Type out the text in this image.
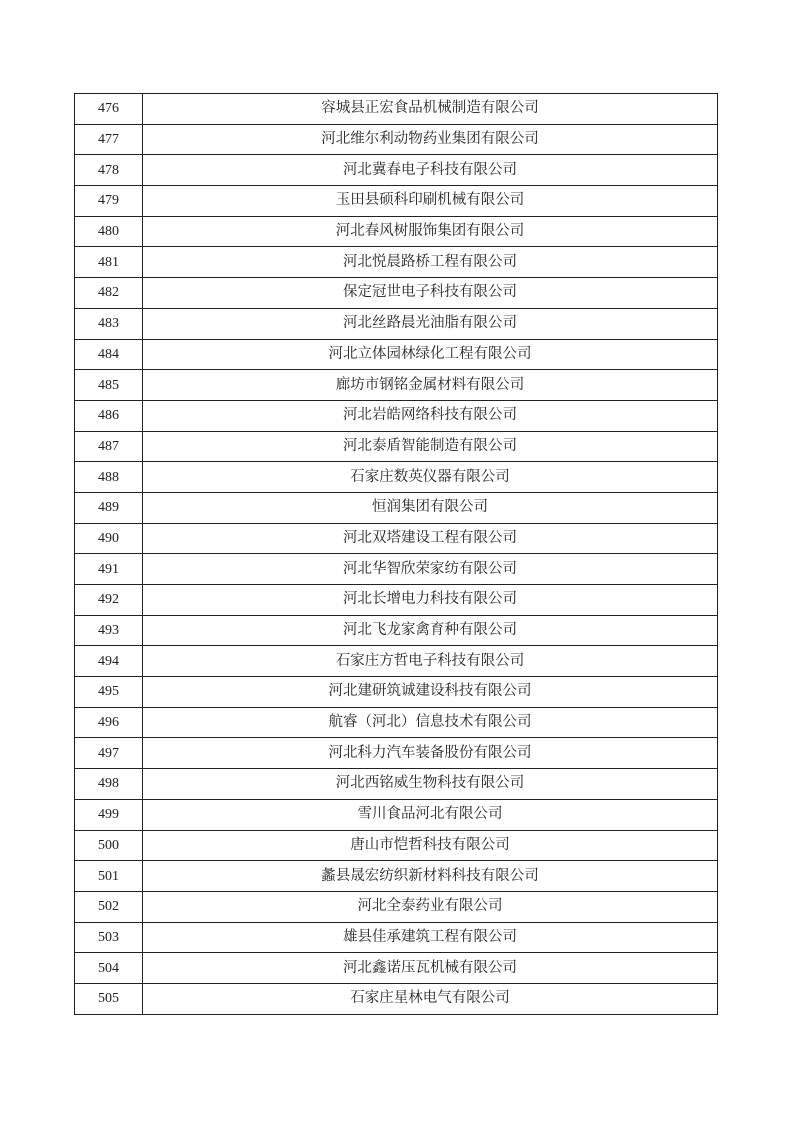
476	容城县正宏食品机械制造有限公司
477	河北维尔利动物药业集团有限公司
478	河北冀春电子科技有限公司
479	玉田县硕科印刷机械有限公司
480	河北春风树服饰集团有限公司
481	河北悦晨路桥工程有限公司
482	保定冠世电子科技有限公司
483	河北丝路晨光油脂有限公司
484	河北立体园林绿化工程有限公司
485	廊坊市钢铭金属材料有限公司
486	河北岩皓网络科技有限公司
487	河北泰盾智能制造有限公司
488	石家庄数英仪器有限公司
489	恒润集团有限公司
490	河北双塔建设工程有限公司
491	河北华智欣荣家纺有限公司
492	河北长增电力科技有限公司
493	河北飞龙家禽育种有限公司
494	石家庄方哲电子科技有限公司
495	河北建研筑诚建设科技有限公司
496	航睿（河北）信息技术有限公司
497	河北科力汽车装备股份有限公司
498	河北西铭威生物科技有限公司
499	雪川食品河北有限公司
500	唐山市恺哲科技有限公司
501	蠡县晟宏纺织新材料科技有限公司
502	河北全泰药业有限公司
503	雄县佳承建筑工程有限公司
504	河北鑫诺压瓦机械有限公司
505	石家庄星林电气有限公司
